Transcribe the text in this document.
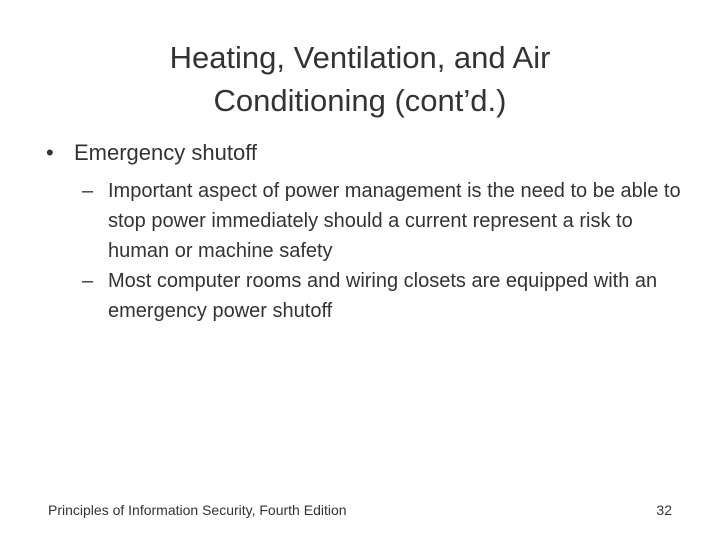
Heating, Ventilation, and Air
Conditioning (cont’d.)
• Emergency shutoff
– Important aspect of power management is the need to be able to stop power immediately should a current represent a risk to human or machine safety
– Most computer rooms and wiring closets are equipped with an emergency power shutoff
Principles of Information Security, Fourth Edition	32
